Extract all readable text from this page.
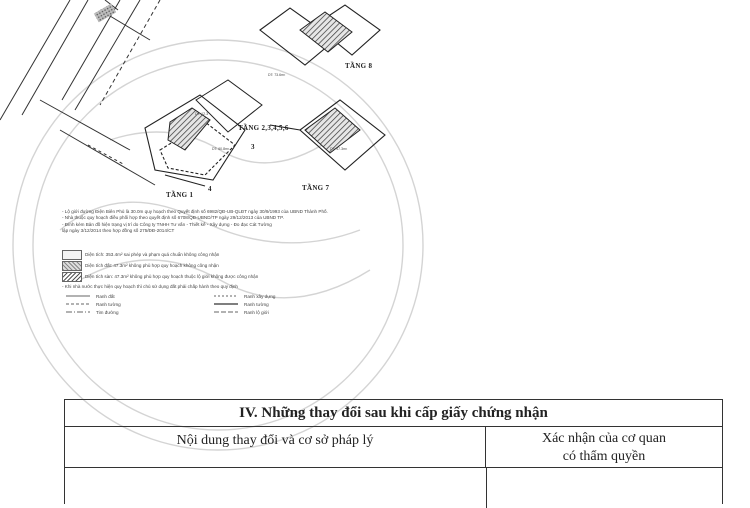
DT: 60.8m²	DT: 47.3m²
DT: 73.6m²
DT: 12.3
3
4
TẦNG 8
TẦNG 2,3,4,5,6
TẦNG 7
TẦNG 1
- Lộ giới đường Điện Biên Phủ là 30.0m quy hoạch theo Quyết định số 6982/QĐ-UB-QLĐT ngày 30/9/1993 của UBND Thành Phố.
- Nhà thuộc quy hoạch điều phối hợp theo quyết định số 6708/QĐ-UBND/TP ngày 29/12/2013 của UBND TP.
- Đính kèm Bản đồ hiện trạng vị trí do Công ty TNHH Tư vấn - Thiết kế - Xây dựng - Đo đạc Cát Tường
lập ngày 3/12/2014 theo hợp đồng số 275/ĐĐ-2014/CT
Diện tích: 353.4m² sai phép và phạm quá chuẩn không công nhận
Diện tích đất: 47.3m² không phù hợp quy hoạch không công nhận
Diện tích sàn: 47.3m² không phù hợp quy hoạch thuộc lộ giới không được công nhận
- Khi nhà nước thực hiện quy hoạch thì chủ sử dụng đất phải chấp hành theo quy định
Ranh đất
Ranh tường
Tim đường
Ranh xây dựng
Ranh tường
Ranh lộ giới
IV. Những thay đổi sau khi cấp giấy chứng nhận
Nội dung thay đổi và cơ sở pháp lý	Xác nhận của cơ quan
có thẩm quyền
